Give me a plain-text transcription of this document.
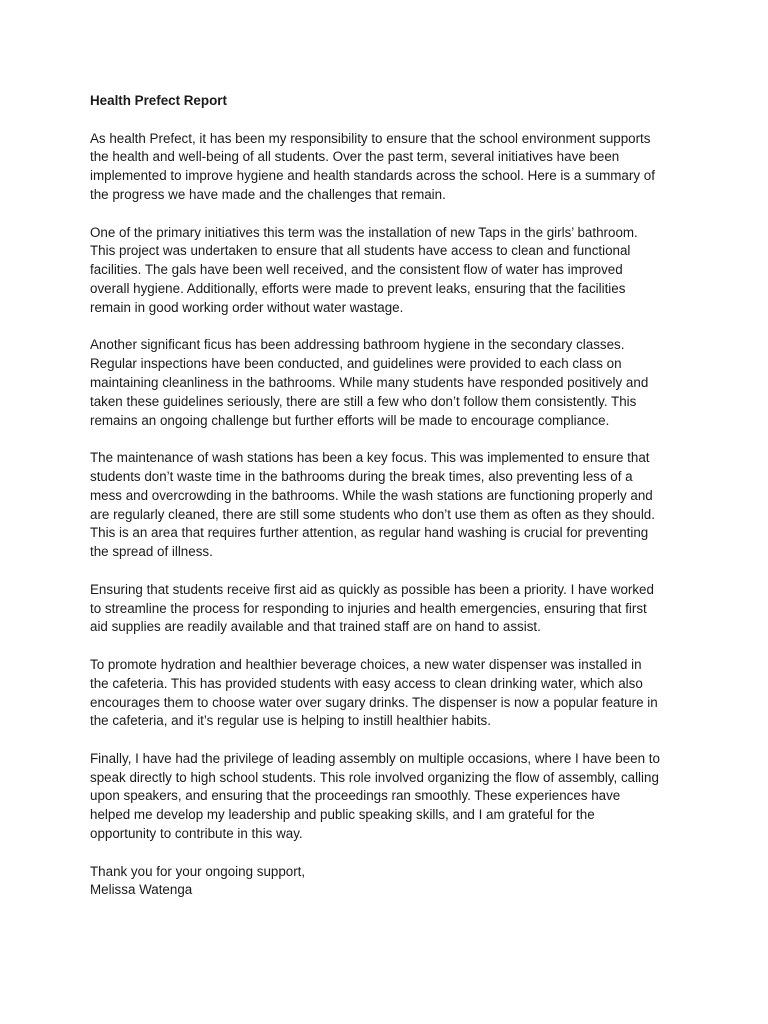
Health Prefect Report
As health Prefect, it has been my responsibility to ensure that the school environment supports
the health and well-being of all students. Over the past term, several initiatives have been
implemented to improve hygiene and health standards across the school. Here is a summary of
the progress we have made and the challenges that remain.
One of the primary initiatives this term was the installation of new Taps in the girls’ bathroom.
This project was undertaken to ensure that all students have access to clean and functional
facilities. The gals have been well received, and the consistent flow of water has improved
overall hygiene. Additionally, efforts were made to prevent leaks, ensuring that the facilities
remain in good working order without water wastage.
Another significant ficus has been addressing bathroom hygiene in the secondary classes.
Regular inspections have been conducted, and guidelines were provided to each class on
maintaining cleanliness in the bathrooms. While many students have responded positively and
taken these guidelines seriously, there are still a few who don’t follow them consistently. This
remains an ongoing challenge but further efforts will be made to encourage compliance.
The maintenance of wash stations has been a key focus. This was implemented to ensure that
students don’t waste time in the bathrooms during the break times, also preventing less of a
mess and overcrowding in the bathrooms. While the wash stations are functioning properly and
are regularly cleaned, there are still some students who don’t use them as often as they should.
This is an area that requires further attention, as regular hand washing is crucial for preventing
the spread of illness.
Ensuring that students receive first aid as quickly as possible has been a priority. I have worked
to streamline the process for responding to injuries and health emergencies, ensuring that first
aid supplies are readily available and that trained staff are on hand to assist.
To promote hydration and healthier beverage choices, a new water dispenser was installed in
the cafeteria. This has provided students with easy access to clean drinking water, which also
encourages them to choose water over sugary drinks. The dispenser is now a popular feature in
the cafeteria, and it’s regular use is helping to instill healthier habits.
Finally, I have had the privilege of leading assembly on multiple occasions, where I have been to
speak directly to high school students. This role involved organizing the flow of assembly, calling
upon speakers, and ensuring that the proceedings ran smoothly. These experiences have
helped me develop my leadership and public speaking skills, and I am grateful for the
opportunity to contribute in this way.
Thank you for your ongoing support,
Melissa Watenga
